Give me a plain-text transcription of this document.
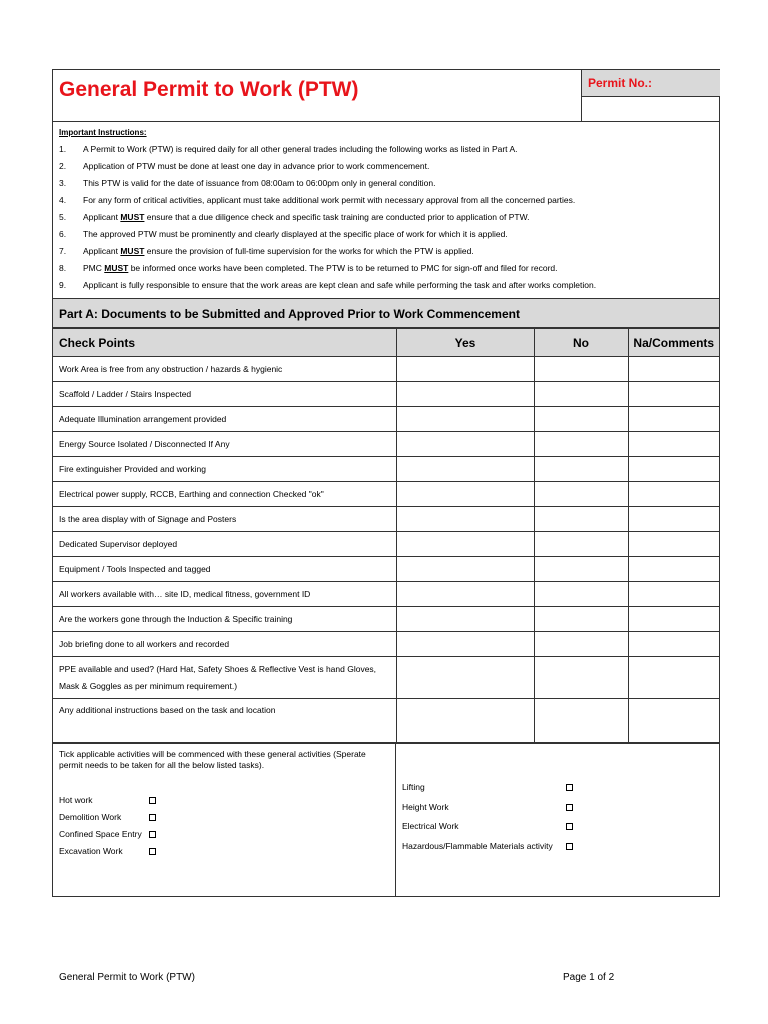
General Permit to Work (PTW)	Permit No.:
Important Instructions:
1. A Permit to Work (PTW) is required daily for all other general trades including the following works as listed in Part A.
2. Application of PTW must be done at least one day in advance prior to work commencement.
3. This PTW is valid for the date of issuance from 08:00am to 06:00pm only in general condition.
4. For any form of critical activities, applicant must take additional work permit with necessary approval from all the concerned parties.
5. Applicant MUST ensure that a due diligence check and specific task training are conducted prior to application of PTW.
6. The approved PTW must be prominently and clearly displayed at the specific place of work for which it is applied.
7. Applicant MUST ensure the provision of full-time supervision for the works for which the PTW is applied.
8. PMC MUST be informed once works have been completed. The PTW is to be returned to PMC for sign-off and filed for record.
9. Applicant is fully responsible to ensure that the work areas are kept clean and safe while performing the task and after works completion.
Part A: Documents to be Submitted and Approved Prior to Work Commencement
Check Points	Yes	No	Na/Comments
Work Area is free from any obstruction / hazards & hygienic			
Scaffold / Ladder / Stairs Inspected			
Adequate Illumination arrangement provided			
Energy Source Isolated / Disconnected If Any			
Fire extinguisher Provided and working			
Electrical power supply, RCCB, Earthing and connection Checked "ok"			
Is the area display with of Signage and Posters			
Dedicated Supervisor deployed			
Equipment / Tools Inspected and tagged			
All workers available with… site ID, medical fitness, government ID			
Are the workers gone through the Induction & Specific training			
Job briefing done to all workers and recorded			
PPE available and used? (Hard Hat, Safety Shoes & Reflective Vest is hand Gloves, Mask & Goggles as per minimum requirement.)			
Any additional instructions based on the task and location			
Tick applicable activities will be commenced with these general activities (Sperate permit needs to be taken for all the below listed tasks).
Hot work
Demolition Work
Confined Space Entry
Excavation Work
Lifting
Height Work
Electrical Work
Hazardous/Flammable Materials activity
General Permit to Work (PTW)	Page 1 of 2
